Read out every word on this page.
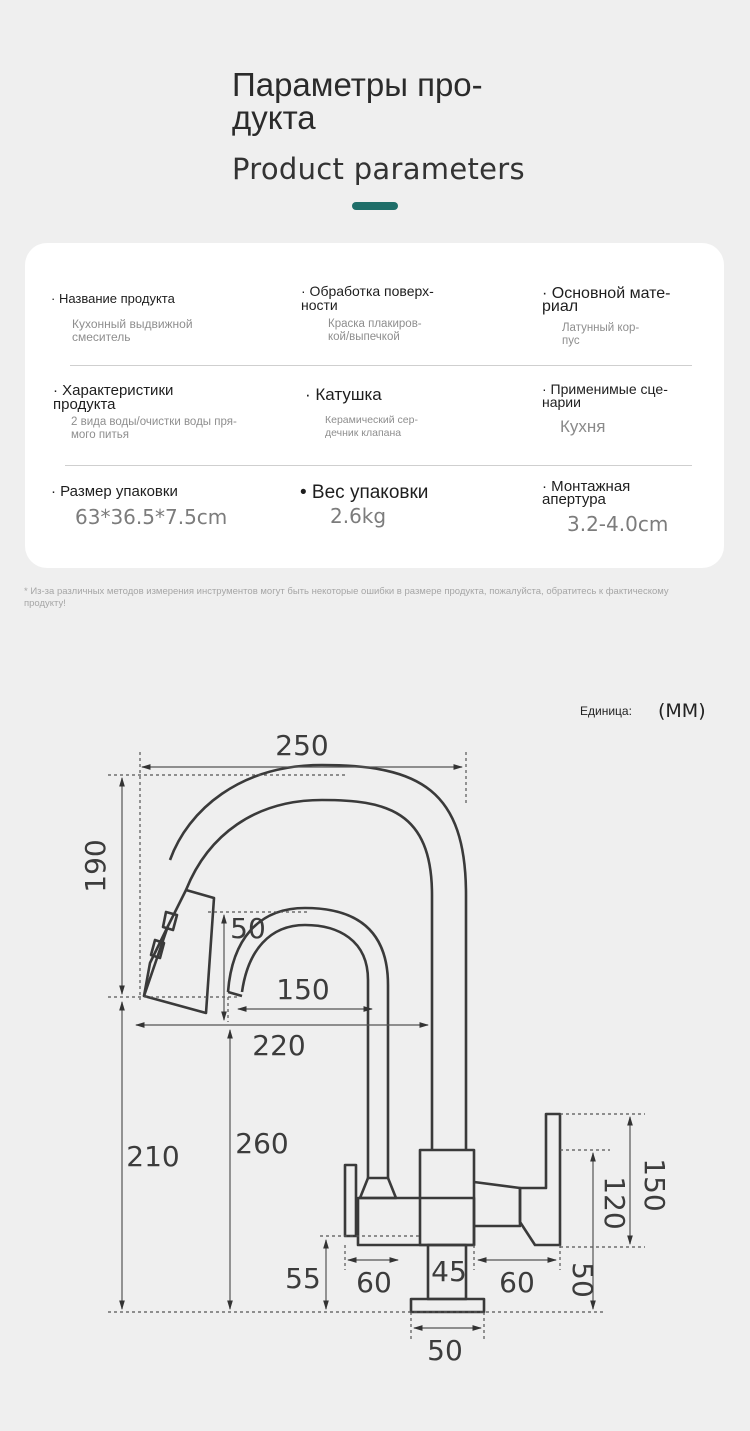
Параметры про-
дукта
Product parameters
· Название продукта
Кухонный выдвижной
смеситель
· Обработка поверх-
ности
Краска плакиров-
кой/выпечкой
· Основной мате-
риал
Латунный кор-
пус
· Характеристики
продукта
2 вида воды/очистки воды пря-
мого питья
· Катушка
Керамический сер-
дечник клапана
· Применимые сце-
нарии
Кухня
· Размер упаковки
63*36.5*7.5cm
• Вес упаковки
2.6kg
· Монтажная
апертура
3.2-4.0cm
* Из-за различных методов измерения инструментов могут быть некоторые ошибки в размере продукта, пожалуйста, обратитесь к фактическому продукту!
Единица: (ММ)
250
190
50
150
220
210 260
55 60 45 60
120 150
50
50
